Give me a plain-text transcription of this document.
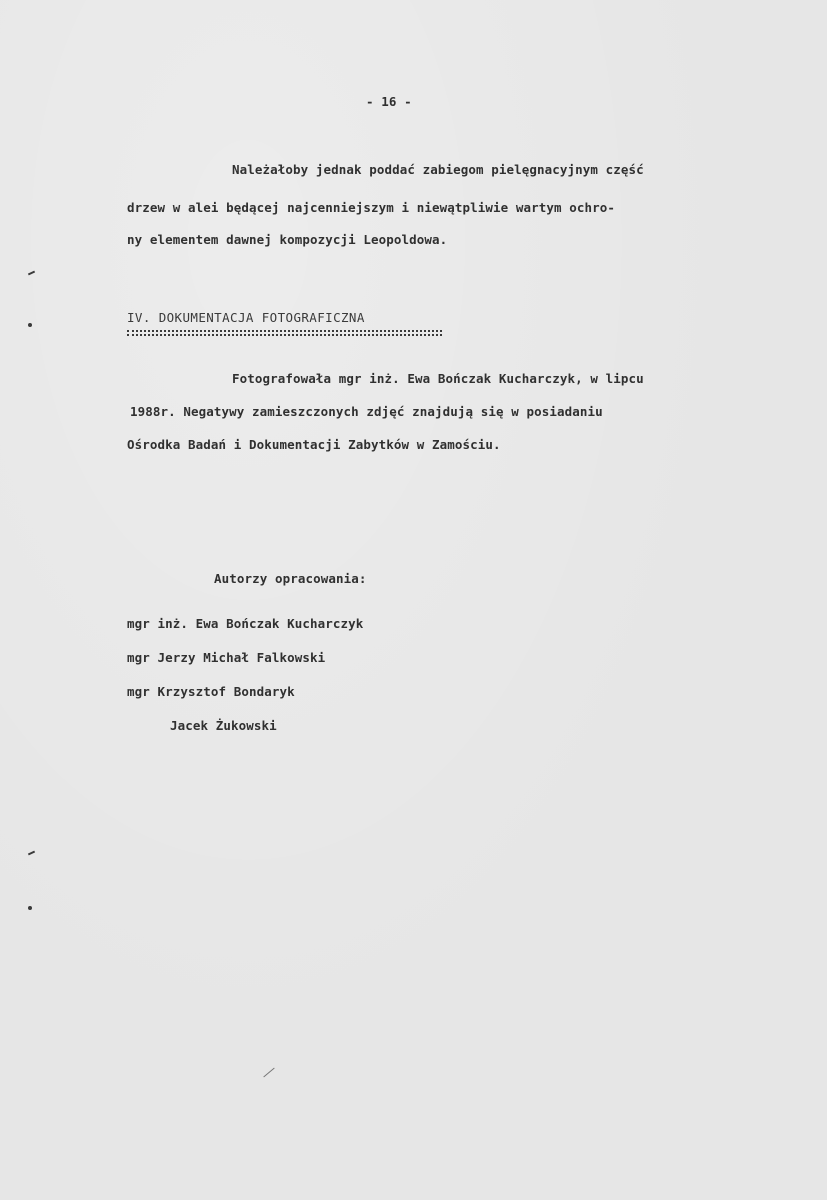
- 16 -
Należałoby jednak poddać zabiegom pielęgnacyjnym część
drzew w alei będącej najcenniejszym i niewątpliwie wartym ochro-
ny elementem dawnej kompozycji Leopoldowa.
IV. DOKUMENTACJA FOTOGRAFICZNA
Fotografowała mgr inż. Ewa Bończak Kucharczyk, w lipcu
1988r. Negatywy zamieszczonych zdjęć znajdują się w posiadaniu
Ośrodka Badań i Dokumentacji Zabytków w Zamościu.
Autorzy opracowania:
mgr inż. Ewa Bończak Kucharczyk
mgr Jerzy Michał Falkowski
mgr Krzysztof Bondaryk
Jacek Żukowski
